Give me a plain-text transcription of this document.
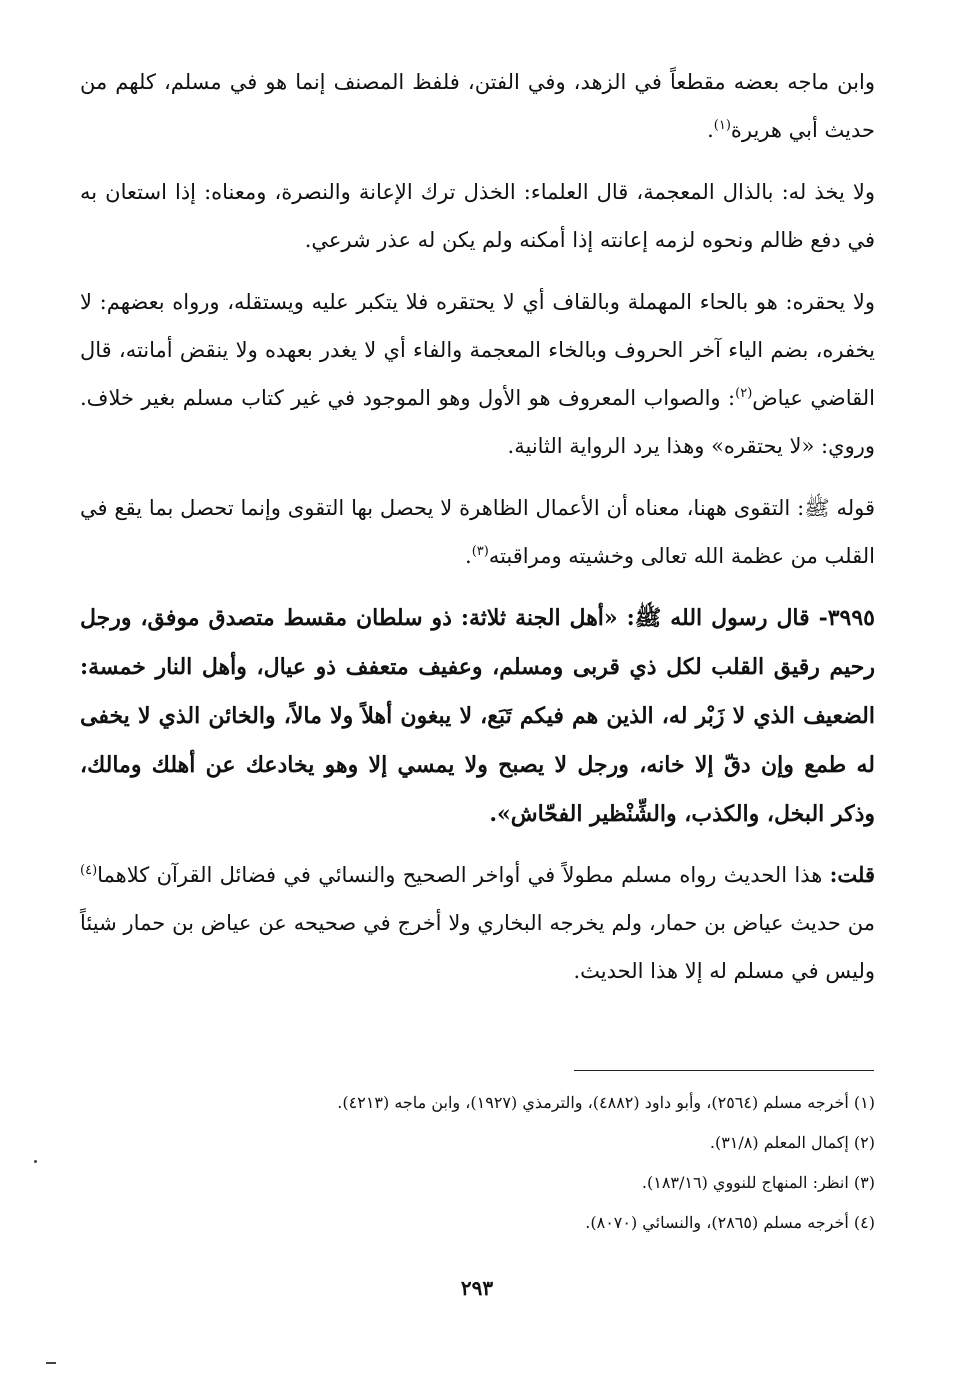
وابن ماجه بعضه مقطعاً في الزهد، وفي الفتن، فلفظ المصنف إنما هو في مسلم، كلهم من حديث أبي هريرة$^{(١)}$.

ولا يخذ له: بالذال المعجمة، قال العلماء: الخذل ترك الإعانة والنصرة، ومعناه: إذا استعان به في دفع ظالم ونحوه لزمه إعانته إذا أمكنه ولم يكن له عذر شرعي.

ولا يحقره: هو بالحاء المهملة وبالقاف أي لا يحتقره فلا يتكبر عليه ويستقله، ورواه بعضهم: لا يخفره، بضم الياء آخر الحروف وبالخاء المعجمة والفاء أي لا يغدر بعهده ولا ينقض أمانته، قال القاضي عياض$^{(٢)}$: والصواب المعروف هو الأول وهو الموجود في غير كتاب مسلم بغير خلاف. وروي: «لا يحتقره» وهذا يرد الرواية الثانية.

قوله ﷺ: التقوى ههنا، معناه أن الأعمال الظاهرة لا يحصل بها التقوى وإنما تحصل بما يقع في القلب من عظمة الله تعالى وخشيته ومراقبته$^{(٣)}$.

٣٩٩٥- قال رسول الله ﷺ: «أهل الجنة ثلاثة: ذو سلطان مقسط متصدق موفق، ورجل رحيم رقيق القلب لكل ذي قربى ومسلم، وعفيف متعفف ذو عيال، وأهل النار خمسة: الضعيف الذي لا زَبْر له، الذين هم فيكم تَبَع، لا يبغون أهلاً ولا مالاً، والخائن الذي لا يخفى له طمع وإن دقّ إلا خانه، ورجل لا يصبح ولا يمسي إلا وهو يخادعك عن أهلك ومالك، وذكر البخل، والكذب، والشِّنْظير الفحّاش».

قلت: هذا الحديث رواه مسلم مطولاً في أواخر الصحيح والنسائي في فضائل القرآن كلاهما$^{(٤)}$ من حديث عياض بن حمار، ولم يخرجه البخاري ولا أخرج في صحيحه عن عياض بن حمار شيئاً وليس في مسلم له إلا هذا الحديث.

(١) أخرجه مسلم (٢٥٦٤)، وأبو داود (٤٨٨٢)، والترمذي (١٩٢٧)، وابن ماجه (٤٢١٣).

(٢) إكمال المعلم (٣١/٨).

(٣) انظر: المنهاج للنووي (١٨٣/١٦).

(٤) أخرجه مسلم (٢٨٦٥)، والنسائي (٨٠٧٠).

٢٩٣
